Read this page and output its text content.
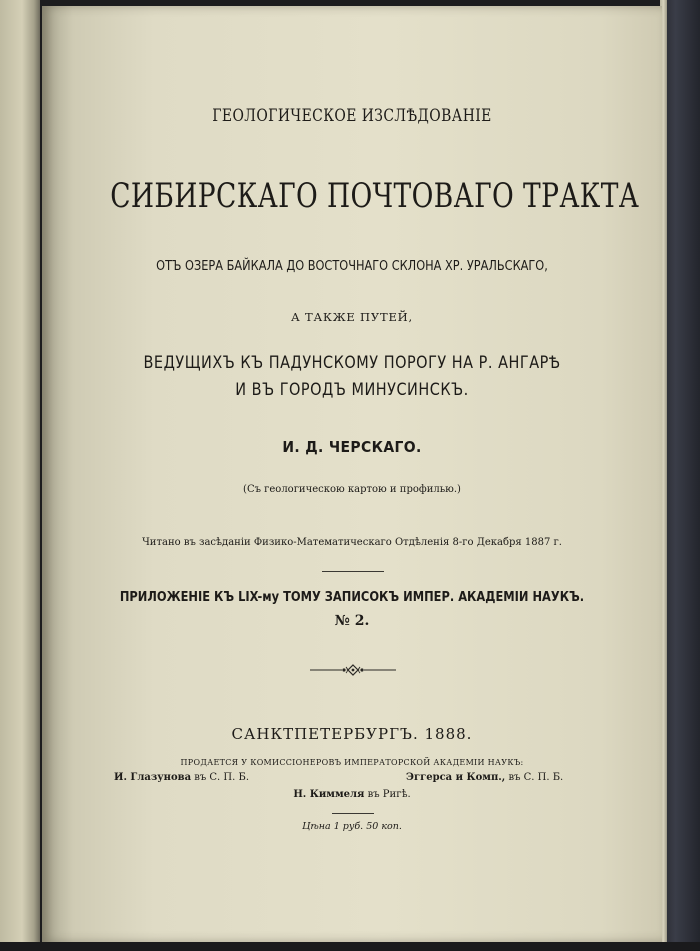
ГЕОЛОГИЧЕСКОЕ ИЗСЛѢДОВАНІЕ
СИБИРСКАГО ПОЧТОВАГО ТРАКТА
ОТЪ ОЗЕРА БАЙКАЛА ДО ВОСТОЧНАГО СКЛОНА ХР. УРАЛЬСКАГО,
А ТАКЖЕ ПУТЕЙ,
ВЕДУЩИХЪ КЪ ПАДУНСКОМУ ПОРОГУ НА Р. АНГАРѢ
И ВЪ ГОРОДЪ МИНУСИНСКЪ.
И. Д. ЧЕРСКАГО.
(Съ геологическою картою и профилью.)
Читано въ засѣданіи Физико-Математическаго Отдѣленія 8-го Декабря 1887 г.
ПРИЛОЖЕНІЕ КЪ LIX-му ТОМУ ЗАПИСОКЪ ИМПЕР. АКАДЕМІИ НАУКЪ.
№ 2.
САНКТПЕТЕРБУРГЪ. 1888.
ПРОДАЕТСЯ У КОМИССІОНЕРОВЪ ИМПЕРАТОРСКОЙ АКАДЕМІИ НАУКЪ:
И. Глазунова въ С. П. Б.	Эггерса и Комп., въ С. П. Б.
Н. Киммеля въ Ригѣ.
Цѣна 1 руб. 50 коп.
